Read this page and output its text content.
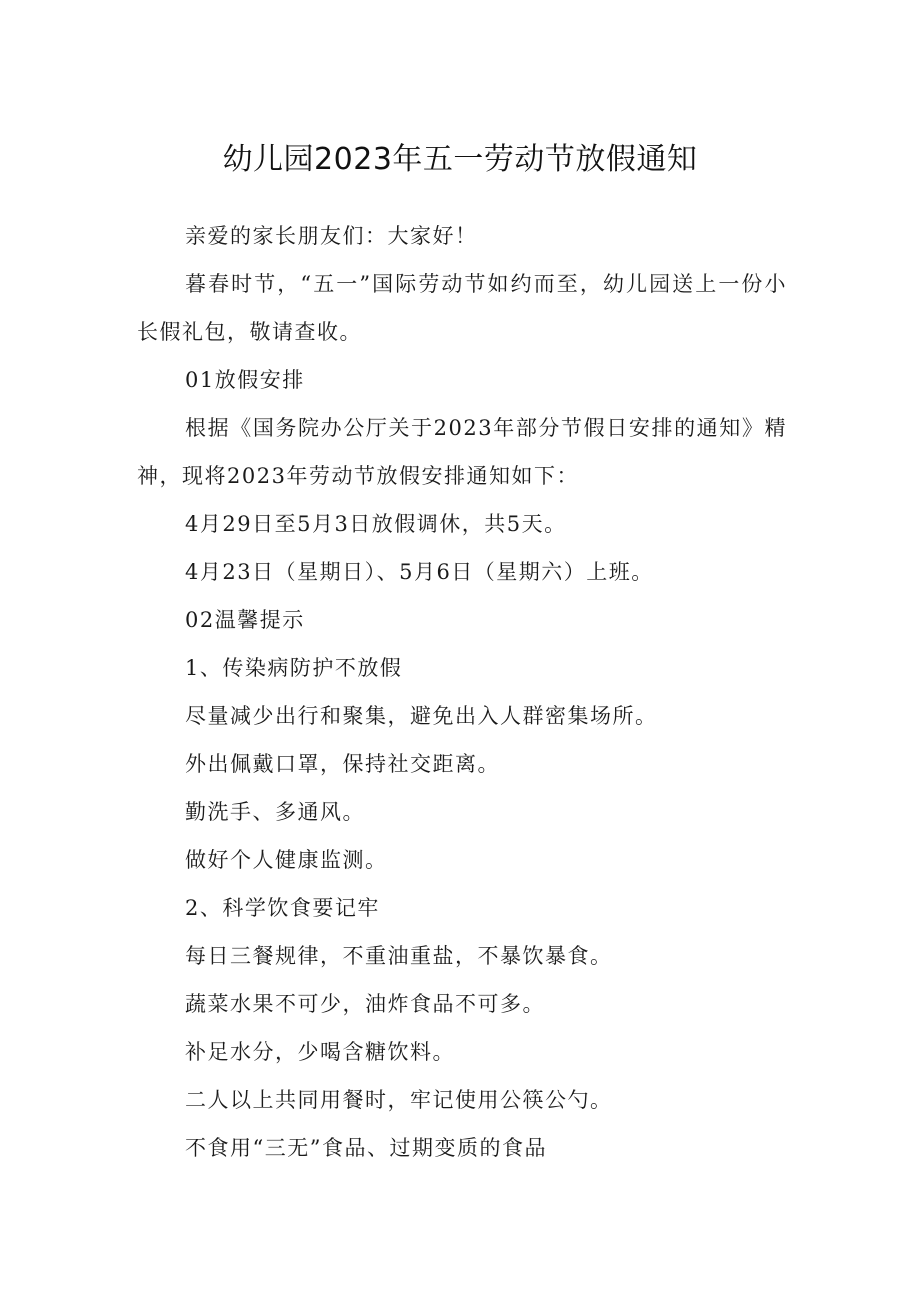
幼儿园2023年五一劳动节放假通知

亲爱的家长朋友们：大家好！

暮春时节，“五一”国际劳动节如约而至，幼儿园送上一份小长假礼包，敬请查收。

01放假安排

根据《国务院办公厅关于2023年部分节假日安排的通知》精神，现将2023年劳动节放假安排通知如下：

4月29日至5月3日放假调休，共5天。

4月23日（星期日）、5月6日（星期六）上班。

02温馨提示

1、传染病防护不放假

尽量减少出行和聚集，避免出入人群密集场所。

外出佩戴口罩，保持社交距离。

勤洗手、多通风。

做好个人健康监测。

2、科学饮食要记牢

每日三餐规律，不重油重盐，不暴饮暴食。

蔬菜水果不可少，油炸食品不可多。

补足水分，少喝含糖饮料。

二人以上共同用餐时，牢记使用公筷公勺。

不食用“三无”食品、过期变质的食品
